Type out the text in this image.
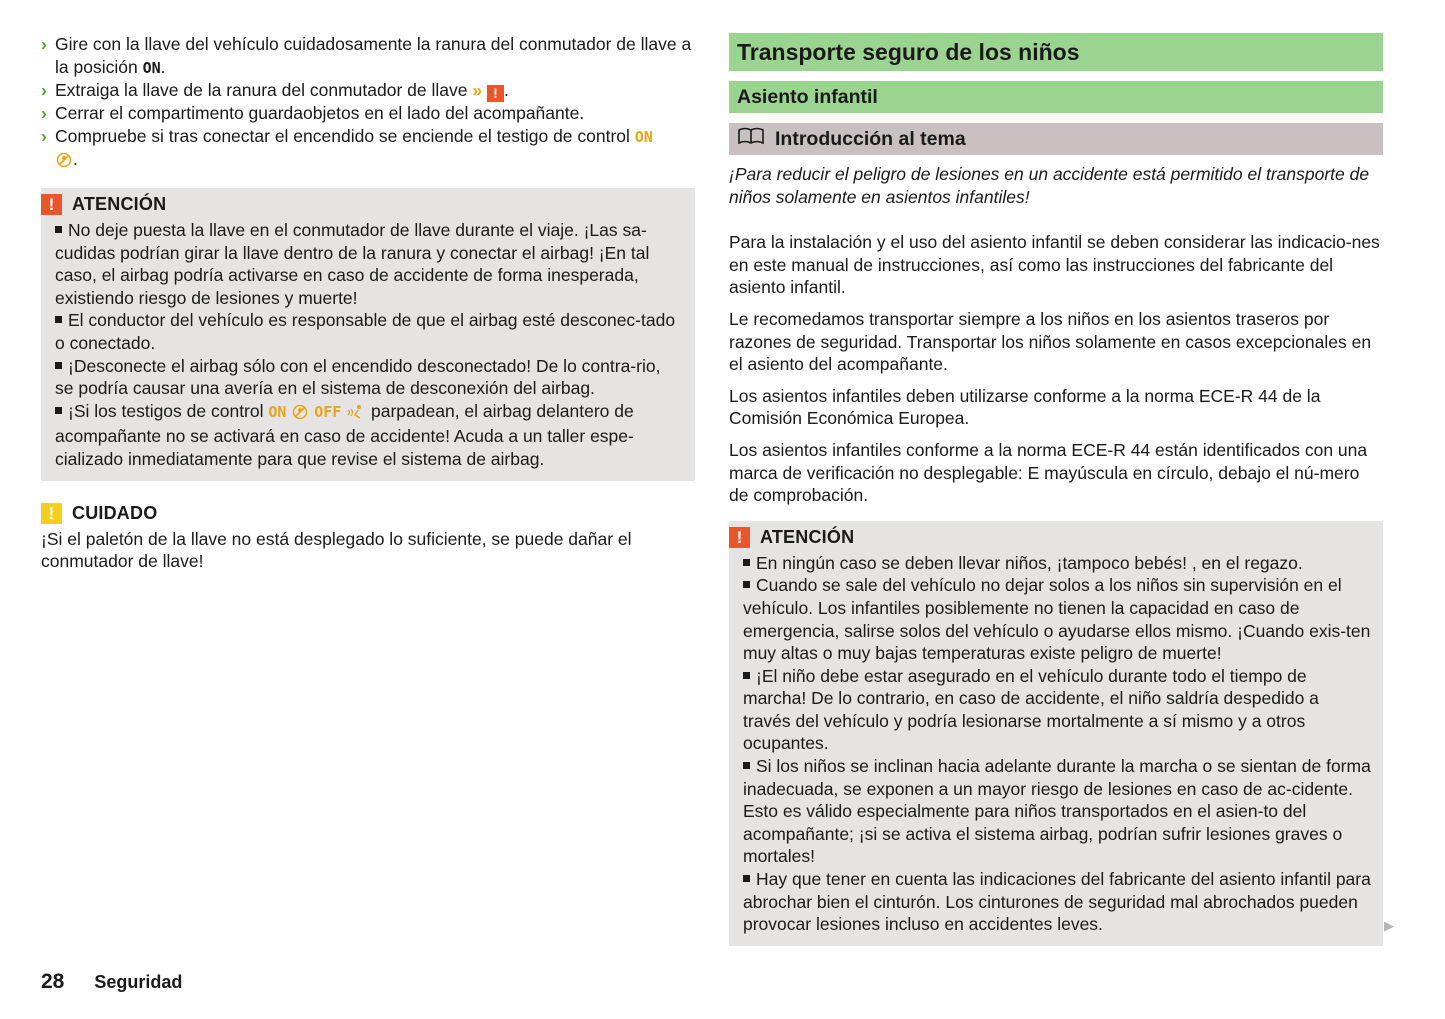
› Gire con la llave del vehículo cuidadosamente la ranura del conmutador de llave a la posición ON.
› Extraiga la llave de la ranura del conmutador de llave » ! .
› Cerrar el compartimento guardaobjetos en el lado del acompañante.
› Compruebe si tras conectar el encendido se enciende el testigo de control ON
.
! ATENCIÓN

No deje puesta la llave en el conmutador de llave durante el viaje. ¡Las sa-cudidas podrían girar la llave dentro de la ranura y conectar el airbag! ¡En tal caso, el airbag podría activarse en caso de accidente de forma inesperada, existiendo riesgo de lesiones y muerte!

El conductor del vehículo es responsable de que el airbag esté desconec-tado o conectado.

¡Desconecte el airbag sólo con el encendido desconectado! De lo contra-rio, se podría causar una avería en el sistema de desconexión del airbag.

¡Si los testigos de control ON OFF  parpadean, el airbag delantero de acompañante no se activará en caso de accidente! Acuda a un taller espe-cializado inmediatamente para que revise el sistema de airbag.

! CUIDADO

¡Si el paletón de la llave no está desplegado lo suficiente, se puede dañar el conmutador de llave!

Transporte seguro de los niños
Asiento infantil
Introducción al tema

¡Para reducir el peligro de lesiones en un accidente está permitido el transporte de niños solamente en asientos infantiles!

Para la instalación y el uso del asiento infantil se deben considerar las indicacio-nes en este manual de instrucciones, así como las instrucciones del fabricante del asiento infantil.

Le recomedamos transportar siempre a los niños en los asientos traseros por razones de seguridad. Transportar los niños solamente en casos excepcionales en el asiento del acompañante.

Los asientos infantiles deben utilizarse conforme a la norma ECE-R 44 de la Comisión Económica Europea.

Los asientos infantiles conforme a la norma ECE-R 44 están identificados con una marca de verificación no desplegable: E mayúscula en círculo, debajo el nú-mero de comprobación.

! ATENCIÓN

En ningún caso se deben llevar niños, ¡tampoco bebés! , en el regazo.

Cuando se sale del vehículo no dejar solos a los niños sin supervisión en el vehículo. Los infantiles posiblemente no tienen la capacidad en caso de emergencia, salirse solos del vehículo o ayudarse ellos mismo. ¡Cuando exis-ten muy altas o muy bajas temperaturas existe peligro de muerte!

¡El niño debe estar asegurado en el vehículo durante todo el tiempo de marcha! De lo contrario, en caso de accidente, el niño saldría despedido a través del vehículo y podría lesionarse mortalmente a sí mismo y a otros ocupantes.

Si los niños se inclinan hacia adelante durante la marcha o se sientan de forma inadecuada, se exponen a un mayor riesgo de lesiones en caso de ac-cidente. Esto es válido especialmente para niños transportados en el asien-to del acompañante; ¡si se activa el sistema airbag, podrían sufrir lesiones graves o mortales!

Hay que tener en cuenta las indicaciones del fabricante del asiento infantil para abrochar bien el cinturón. Los cinturones de seguridad mal abrochados pueden provocar lesiones incluso en accidentes leves.	▶
28 Seguridad
